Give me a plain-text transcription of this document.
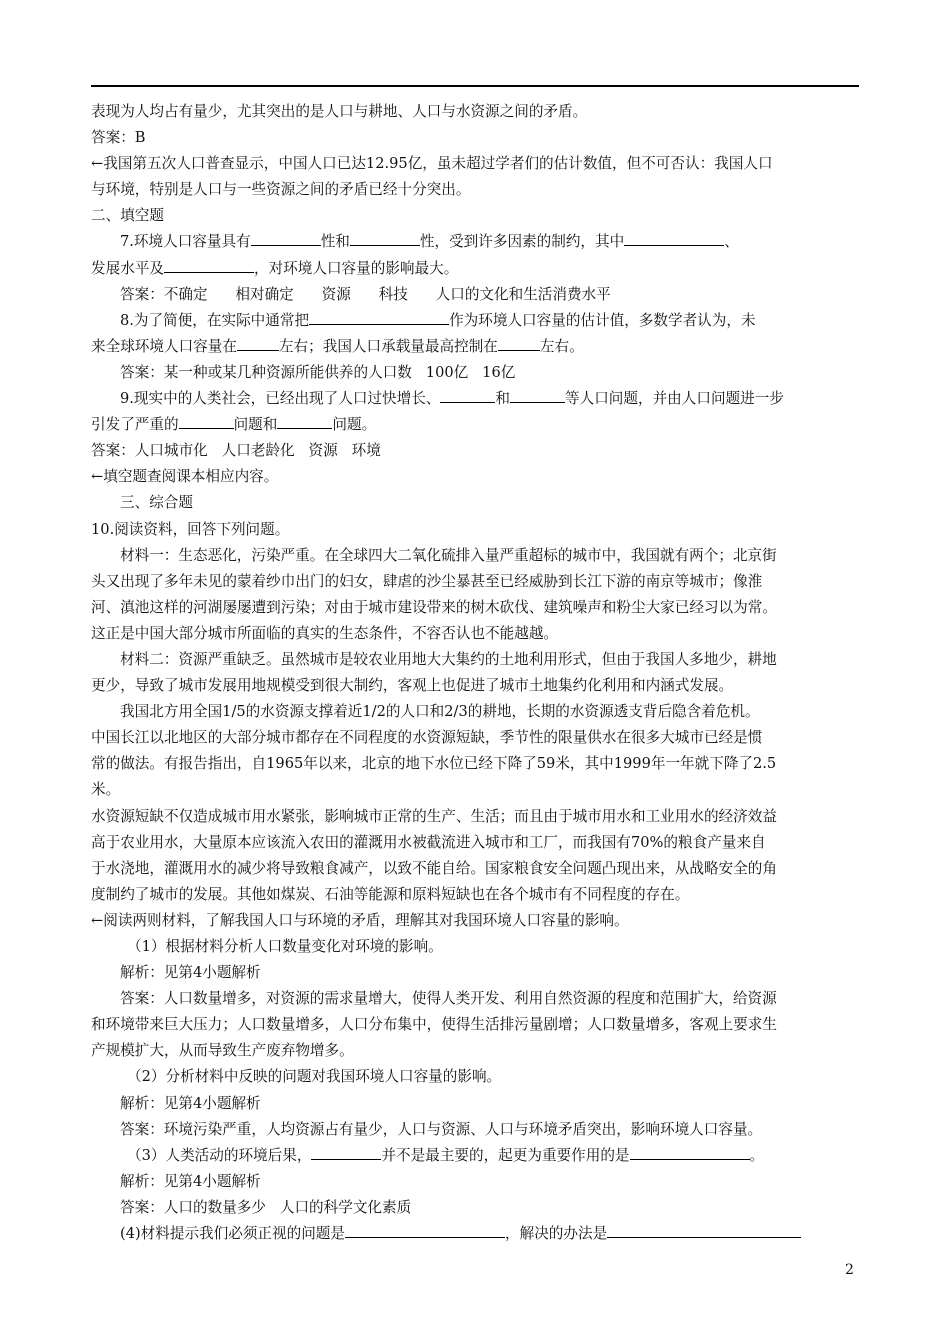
表现为人均占有量少，尤其突出的是人口与耕地、人口与水资源之间的矛盾。
答案：B
←我国第五次人口普查显示，中国人口已达12.95亿，虽未超过学者们的估计数值，但不可否认：我国人口
与环境，特别是人口与一些资源之间的矛盾已经十分突出。
二、填空题
7.环境人口容量具有	性和	性，受到许多因素的制约，其中	、
发展水平及	，对环境人口容量的影响最大。
答案：不确定      相对确定      资源      科技      人口的文化和生活消费水平
8.为了简便，在实际中通常把	作为环境人口容量的估计值，多数学者认为，未
来全球环境人口容量在	左右；我国人口承载量最高控制在	左右。
答案：某一种或某几种资源所能供养的人口数   100亿   16亿
9.现实中的人类社会，已经出现了人口过快增长、	和	等人口问题，并由人口问题进一步
引发了严重的	问题和	问题。
答案：人口城市化   人口老龄化   资源   环境
←填空题查阅课本相应内容。
三、综合题
10.阅读资料，回答下列问题。
材料一：生态恶化，污染严重。在全球四大二氧化硫排入量严重超标的城市中，我国就有两个；北京街
头又出现了多年未见的蒙着纱巾出门的妇女，肆虐的沙尘暴甚至已经威胁到长江下游的南京等城市；像淮
河、滇池这样的河湖屡屡遭到污染；对由于城市建设带来的树木砍伐、建筑噪声和粉尘大家已经习以为常。
这正是中国大部分城市所面临的真实的生态条件，不容否认也不能越越。
材料二：资源严重缺乏。虽然城市是较农业用地大大集约的土地利用形式，但由于我国人多地少，耕地
更少，导致了城市发展用地规模受到很大制约，客观上也促进了城市土地集约化利用和内涵式发展。
我国北方用全国1/5的水资源支撑着近1/2的人口和2/3的耕地，长期的水资源透支背后隐含着危机。
中国长江以北地区的大部分城市都存在不同程度的水资源短缺，季节性的限量供水在很多大城市已经是惯
常的做法。有报告指出，自1965年以来，北京的地下水位已经下降了59米，其中1999年一年就下降了2.5
米。
水资源短缺不仅造成城市用水紧张，影响城市正常的生产、生活；而且由于城市用水和工业用水的经济效益
高于农业用水，大量原本应该流入农田的灌溉用水被截流进入城市和工厂，而我国有70%的粮食产量来自
于水浇地，灌溉用水的减少将导致粮食减产，以致不能自给。国家粮食安全问题凸现出来，从战略安全的角
度制约了城市的发展。其他如煤炭、石油等能源和原料短缺也在各个城市有不同程度的存在。
←阅读两则材料，了解我国人口与环境的矛盾，理解其对我国环境人口容量的影响。
（1）根据材料分析人口数量变化对环境的影响。
解析：见第4小题解析
答案：人口数量增多，对资源的需求量增大，使得人类开发、利用自然资源的程度和范围扩大，给资源
和环境带来巨大压力；人口数量增多，人口分布集中，使得生活排污量剧增；人口数量增多，客观上要求生
产规模扩大，从而导致生产废弃物增多。
（2）分析材料中反映的问题对我国环境人口容量的影响。
解析：见第4小题解析
答案：环境污染严重，人均资源占有量少，人口与资源、人口与环境矛盾突出，影响环境人口容量。
（3）人类活动的环境后果，	并不是最主要的，起更为重要作用的是	。
解析：见第4小题解析
答案：人口的数量多少   人口的科学文化素质
(4)材料提示我们必须正视的问题是	，解决的办法是
2
